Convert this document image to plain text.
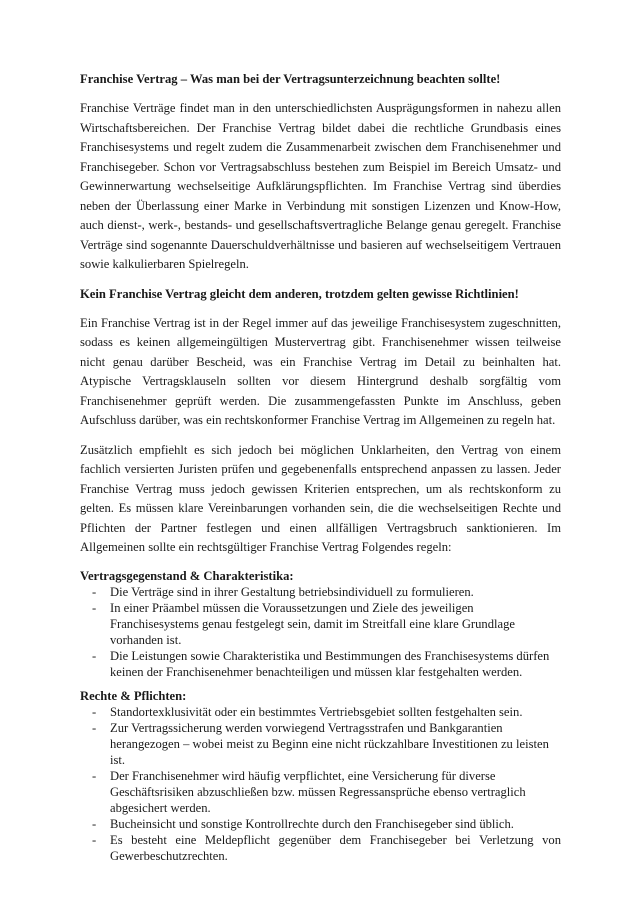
Franchise Vertrag – Was man bei der Vertragsunterzeichnung beachten sollte!

Franchise Verträge findet man in den unterschiedlichsten Ausprägungsformen in nahezu allen Wirtschaftsbereichen. Der Franchise Vertrag bildet dabei die rechtliche Grundbasis eines Franchisesystems und regelt zudem die Zusammenarbeit zwischen dem Franchisenehmer und Franchisegeber. Schon vor Vertragsabschluss bestehen zum Beispiel im Bereich Umsatz- und Gewinnerwartung wechselseitige Aufklärungspflichten. Im Franchise Vertrag sind überdies neben der Überlassung einer Marke in Verbindung mit sonstigen Lizenzen und Know-How, auch dienst-, werk-, bestands- und gesellschaftsvertragliche Belange genau geregelt. Franchise Verträge sind sogenannte Dauerschuldverhältnisse und basieren auf wechselseitigem Vertrauen sowie kalkulierbaren Spielregeln.

Kein Franchise Vertrag gleicht dem anderen, trotzdem gelten gewisse Richtlinien!

Ein Franchise Vertrag ist in der Regel immer auf das jeweilige Franchisesystem zugeschnitten, sodass es keinen allgemeingültigen Mustervertrag gibt. Franchisenehmer wissen teilweise nicht genau darüber Bescheid, was ein Franchise Vertrag im Detail zu beinhalten hat. Atypische Vertragsklauseln sollten vor diesem Hintergrund deshalb sorgfältig vom Franchisenehmer geprüft werden. Die zusammengefassten Punkte im Anschluss, geben Aufschluss darüber, was ein rechtskonformer Franchise Vertrag im Allgemeinen zu regeln hat.

Zusätzlich empfiehlt es sich jedoch bei möglichen Unklarheiten, den Vertrag von einem fachlich versierten Juristen prüfen und gegebenenfalls entsprechend anpassen zu lassen. Jeder Franchise Vertrag muss jedoch gewissen Kriterien entsprechen, um als rechtskonform zu gelten. Es müssen klare Vereinbarungen vorhanden sein, die die wechselseitigen Rechte und Pflichten der Partner festlegen und einen allfälligen Vertragsbruch sanktionieren. Im Allgemeinen sollte ein rechtsgültiger Franchise Vertrag Folgendes regeln:

Vertragsgegenstand & Charakteristika:
- Die Verträge sind in ihrer Gestaltung betriebsindividuell zu formulieren.
- In einer Präambel müssen die Voraussetzungen und Ziele des jeweiligen Franchisesystems genau festgelegt sein, damit im Streitfall eine klare Grundlage vorhanden ist.
- Die Leistungen sowie Charakteristika und Bestimmungen des Franchisesystems dürfen keinen der Franchisenehmer benachteiligen und müssen klar festgehalten werden.
Rechte & Pflichten:
- Standortexklusivität oder ein bestimmtes Vertriebsgebiet sollten festgehalten sein.
- Zur Vertragssicherung werden vorwiegend Vertragsstrafen und Bankgarantien herangezogen – wobei meist zu Beginn eine nicht rückzahlbare Investitionen zu leisten ist.
- Der Franchisenehmer wird häufig verpflichtet, eine Versicherung für diverse Geschäftsrisiken abzuschließen bzw. müssen Regressansprüche ebenso vertraglich abgesichert werden.
- Bucheinsicht und sonstige Kontrollrechte durch den Franchisegeber sind üblich.
- Es besteht eine Meldepflicht gegenüber dem Franchisegeber bei Verletzung von Gewerbeschutzrechten.
